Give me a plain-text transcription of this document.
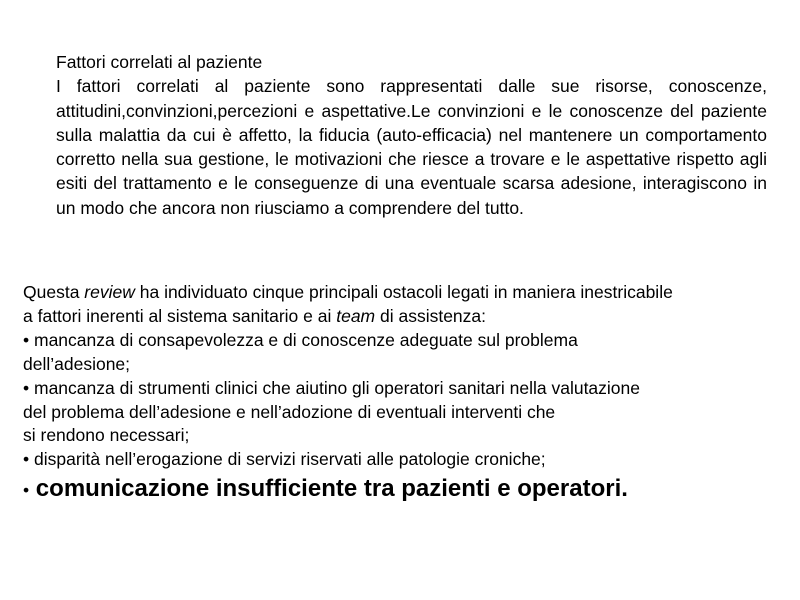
Fattori correlati al paziente
I fattori correlati al paziente sono rappresentati dalle sue risorse, conoscenze, attitudini,convinzioni,percezioni e aspettative.Le convinzioni e le conoscenze del paziente sulla malattia da cui è affetto, la fiducia (auto-efficacia) nel mantenere un comportamento corretto nella sua gestione, le motivazioni che riesce a trovare e le aspettative rispetto agli esiti del trattamento e le conseguenze di una eventuale scarsa adesione, interagiscono in un modo che ancora non riusciamo a comprendere del tutto.
Questa review ha individuato cinque principali ostacoli legati in maniera inestricabile
a fattori inerenti al sistema sanitario e ai team di assistenza:
• mancanza di consapevolezza e di conoscenze adeguate sul problema
dell’adesione;
• mancanza di strumenti clinici che aiutino gli operatori sanitari nella valutazione
del problema dell’adesione e nell’adozione di eventuali interventi che
si rendono necessari;
• disparità nell’erogazione di servizi riservati alle patologie croniche;
• comunicazione insufficiente tra pazienti e operatori.
